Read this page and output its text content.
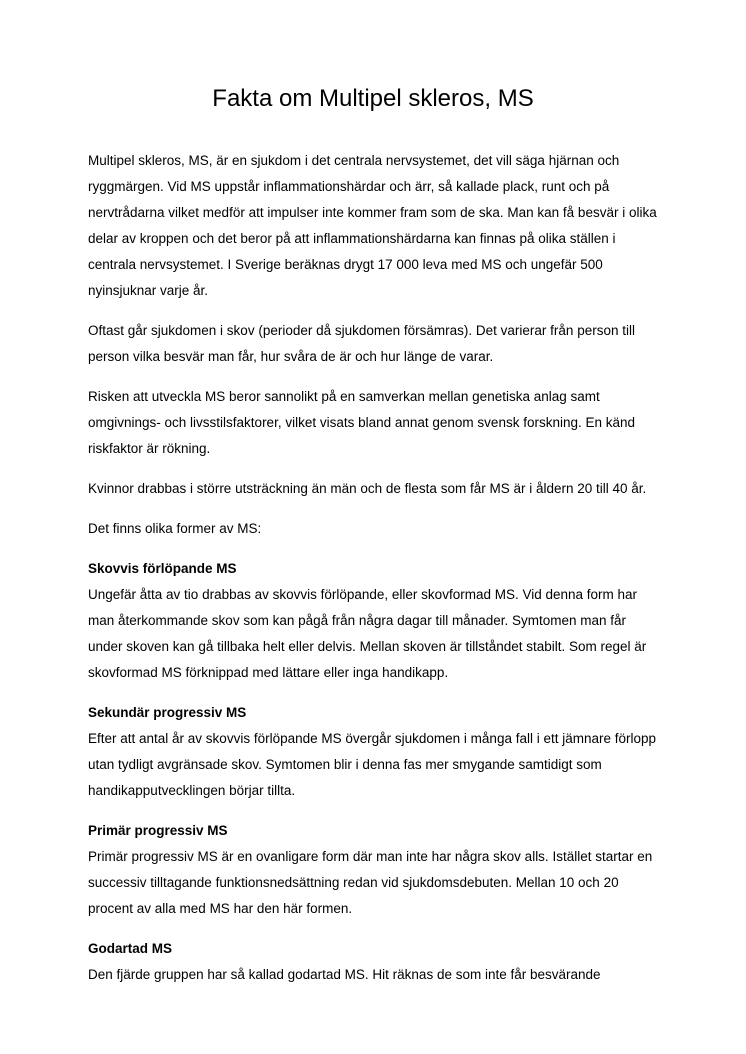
Fakta om Multipel skleros, MS

Multipel skleros, MS, är en sjukdom i det centrala nervsystemet, det vill säga hjärnan och ryggmärgen. Vid MS uppstår inflammationshärdar och ärr, så kallade plack, runt och på nervtrådarna vilket medför att impulser inte kommer fram som de ska. Man kan få besvär i olika delar av kroppen och det beror på att inflammationshärdarna kan finnas på olika ställen i centrala nervsystemet. I Sverige beräknas drygt 17 000 leva med MS och ungefär 500 nyinsjuknar varje år.

Oftast går sjukdomen i skov (perioder då sjukdomen försämras). Det varierar från person till person vilka besvär man får, hur svåra de är och hur länge de varar.

Risken att utveckla MS beror sannolikt på en samverkan mellan genetiska anlag samt omgivnings- och livsstilsfaktorer, vilket visats bland annat genom svensk forskning. En känd riskfaktor är rökning.

Kvinnor drabbas i större utsträckning än män och de flesta som får MS är i åldern 20 till 40 år.

Det finns olika former av MS:

Skovvis förlöpande MS

Ungefär åtta av tio drabbas av skovvis förlöpande, eller skovformad MS. Vid denna form har man återkommande skov som kan pågå från några dagar till månader. Symtomen man får under skoven kan gå tillbaka helt eller delvis. Mellan skoven är tillståndet stabilt. Som regel är skovformad MS förknippad med lättare eller inga handikapp.

Sekundär progressiv MS

Efter att antal år av skovvis förlöpande MS övergår sjukdomen i många fall i ett jämnare förlopp utan tydligt avgränsade skov. Symtomen blir i denna fas mer smygande samtidigt som handikapputvecklingen börjar tillta.

Primär progressiv MS

Primär progressiv MS är en ovanligare form där man inte har några skov alls. Istället startar en successiv tilltagande funktionsnedsättning redan vid sjukdomsdebuten. Mellan 10 och 20 procent av alla med MS har den här formen.

Godartad MS

Den fjärde gruppen har så kallad godartad MS. Hit räknas de som inte får besvärande
